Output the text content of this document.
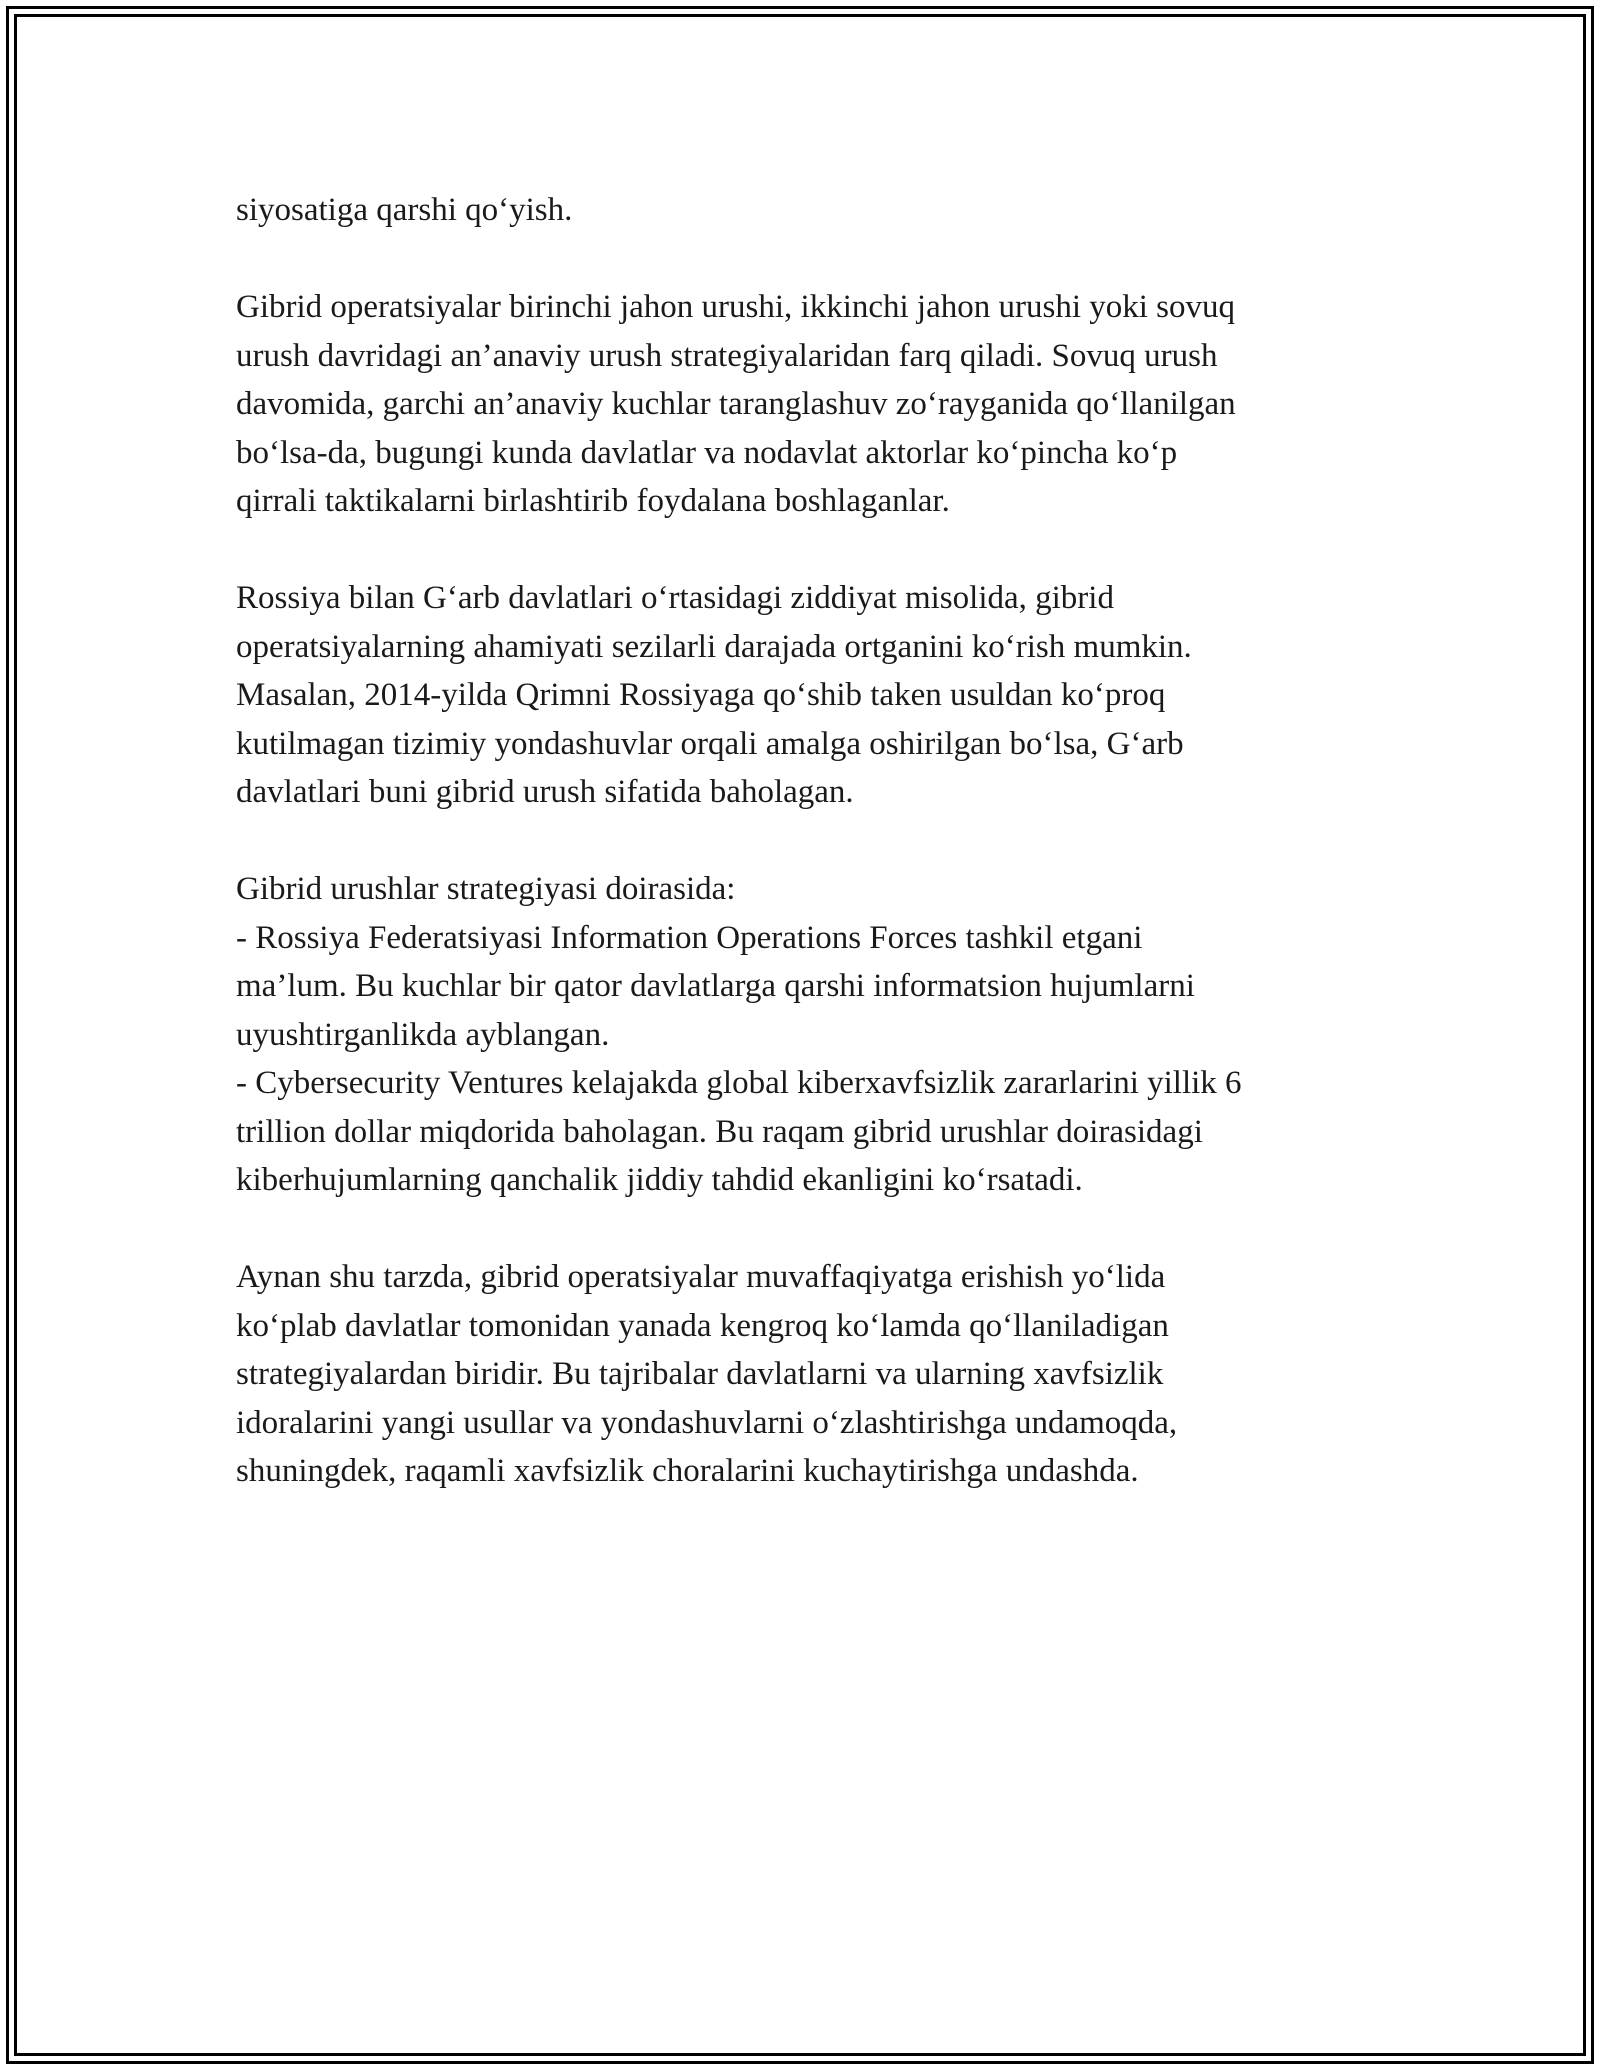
siyosatiga qarshi qo‘yish.
Gibrid operatsiyalar birinchi jahon urushi, ikkinchi jahon urushi yoki sovuq
urush davridagi an’anaviy urush strategiyalaridan farq qiladi. Sovuq urush
davomida, garchi an’anaviy kuchlar taranglashuv zo‘rayganida qo‘llanilgan
bo‘lsa-da, bugungi kunda davlatlar va nodavlat aktorlar ko‘pincha ko‘p
qirrali taktikalarni birlashtirib foydalana boshlaganlar.
Rossiya bilan G‘arb davlatlari o‘rtasidagi ziddiyat misolida, gibrid
operatsiyalarning ahamiyati sezilarli darajada ortganini ko‘rish mumkin.
Masalan, 2014-yilda Qrimni Rossiyaga qo‘shib taken usuldan ko‘proq
kutilmagan tizimiy yondashuvlar orqali amalga oshirilgan bo‘lsa, G‘arb
davlatlari buni gibrid urush sifatida baholagan.
Gibrid urushlar strategiyasi doirasida:
- Rossiya Federatsiyasi Information Operations Forces tashkil etgani
ma’lum. Bu kuchlar bir qator davlatlarga qarshi informatsion hujumlarni
uyushtirganlikda ayblangan.
- Cybersecurity Ventures kelajakda global kiberxavfsizlik zararlarini yillik 6
trillion dollar miqdorida baholagan. Bu raqam gibrid urushlar doirasidagi
kiberhujumlarning qanchalik jiddiy tahdid ekanligini ko‘rsatadi.
Aynan shu tarzda, gibrid operatsiyalar muvaffaqiyatga erishish yo‘lida
ko‘plab davlatlar tomonidan yanada kengroq ko‘lamda qo‘llaniladigan
strategiyalardan biridir. Bu tajribalar davlatlarni va ularning xavfsizlik
idoralarini yangi usullar va yondashuvlarni o‘zlashtirishga undamoqda,
shuningdek, raqamli xavfsizlik choralarini kuchaytirishga undashda.
